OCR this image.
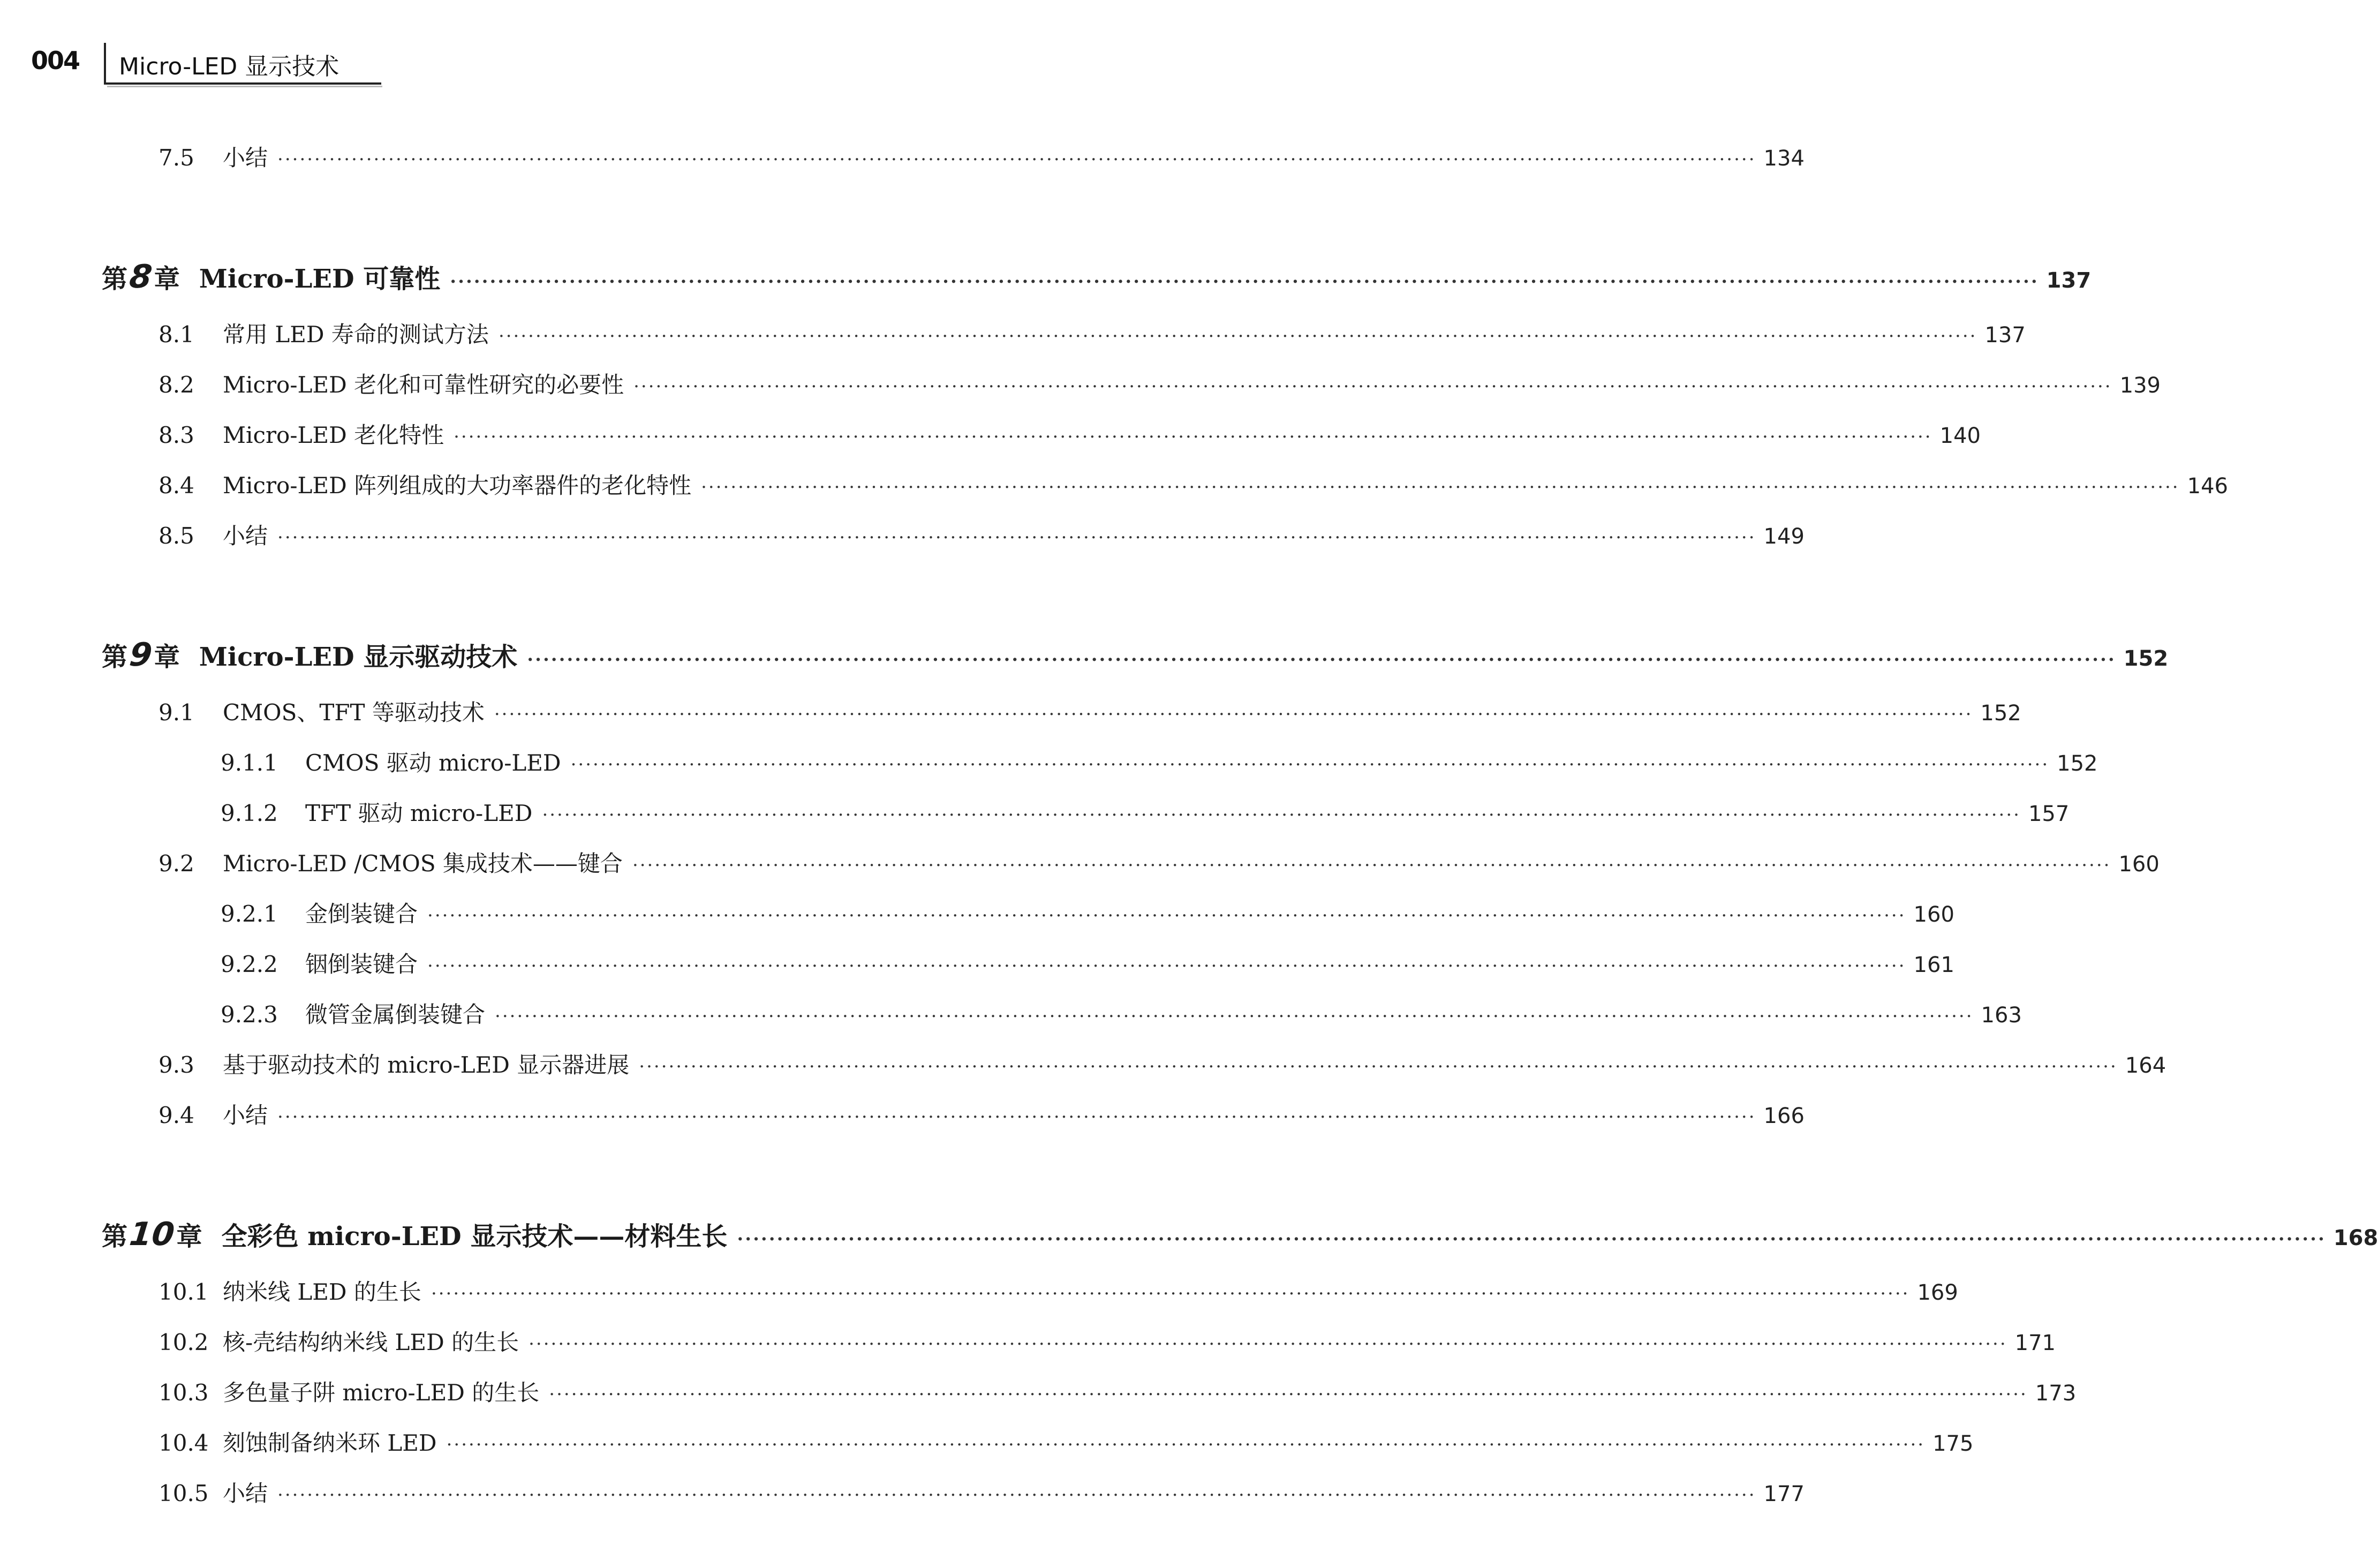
004 Micro-LED 显示技术
7.5	小结 ········································································································································································································ 134
第8章 Micro-LED 可靠性 ········································································································································································································ 137
8.1	常用 LED 寿命的测试方法 ········································································································································································································ 137
8.2	Micro-LED 老化和可靠性研究的必要性 ········································································································································································································ 139
8.3	Micro-LED 老化特性 ········································································································································································································ 140
8.4	Micro-LED 阵列组成的大功率器件的老化特性 ········································································································································································································ 146
8.5	小结 ········································································································································································································ 149
第9章 Micro-LED 显示驱动技术 ········································································································································································································ 152
9.1	CMOS、TFT 等驱动技术 ········································································································································································································ 152
9.1.1	CMOS 驱动 micro-LED ········································································································································································································ 152
9.1.2	TFT 驱动 micro-LED ········································································································································································································ 157
9.2	Micro-LED /CMOS 集成技术——键合 ········································································································································································································ 160
9.2.1	金倒装键合 ········································································································································································································ 160
9.2.2	铟倒装键合 ········································································································································································································ 161
9.2.3	微管金属倒装键合 ········································································································································································································ 163
9.3	基于驱动技术的 micro-LED 显示器进展 ········································································································································································································ 164
9.4	小结 ········································································································································································································ 166
第10章 全彩色 micro-LED 显示技术——材料生长 ········································································································································································································ 168
10.1 纳米线 LED 的生长 ········································································································································································································ 169
10.2 核-壳结构纳米线 LED 的生长 ········································································································································································································ 171
10.3 多色量子阱 micro-LED 的生长 ········································································································································································································ 173
10.4 刻蚀制备纳米环 LED ········································································································································································································ 175
10.5 小结 ········································································································································································································ 177
